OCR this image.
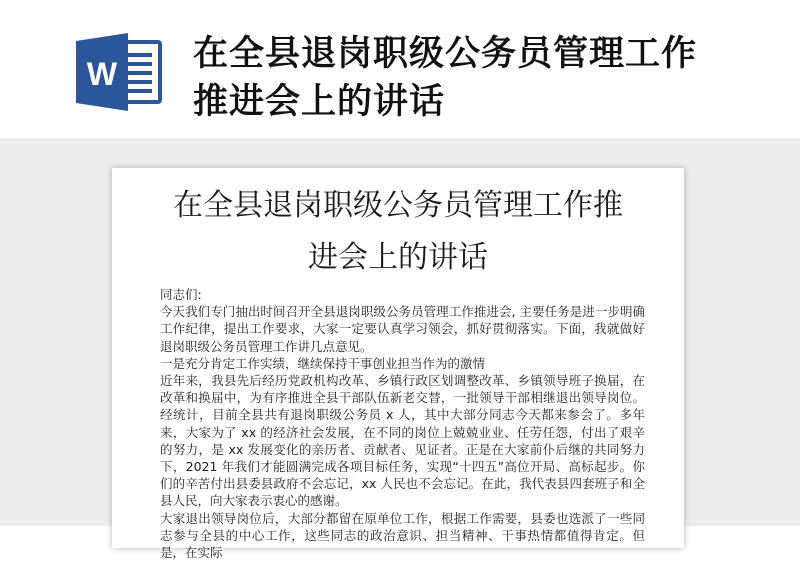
W 在全县退岗职级公务员管理工作
推进会上的讲话
在全县退岗职级公务员管理工作推
进会上的讲话

同志们:

今天我们专门抽出时间召开全县退岗职级公务员管理工作推进会, 主要任务是进一步明确工作纪律，提出工作要求，大家一定要认真学习领会，抓好贯彻落实。下面，我就做好退岗职级公务员管理工作讲几点意见。

一是充分肯定工作实绩，继续保持干事创业担当作为的激情

近年来，我县先后经历党政机构改革、乡镇行政区划调整改革、乡镇领导班子换届，在改革和换届中，为有序推进全县干部队伍新老交替，一批领导干部相继退出领导岗位。经统计，目前全县共有退岗职级公务员 x 人，其中大部分同志今天都来参会了。多年来，大家为了 xx 的经济社会发展，在不同的岗位上兢兢业业、任劳任怨，付出了艰辛的努力，是 xx 发展变化的亲历者、贡献者、见证者。正是在大家前仆后继的共同努力下，2021 年我们才能圆满完成各项目标任务，实现“十四五”高位开局、高标起步。你们的辛苦付出县委县政府不会忘记，xx 人民也不会忘记。在此，我代表县四套班子和全县人民，向大家表示衷心的感谢。

大家退出领导岗位后，大部分都留在原单位工作，根据工作需要，县委也选派了一些同志参与全县的中心工作，这些同志的政治意识、担当精神、干事热情都值得肯定。但是，在实际
